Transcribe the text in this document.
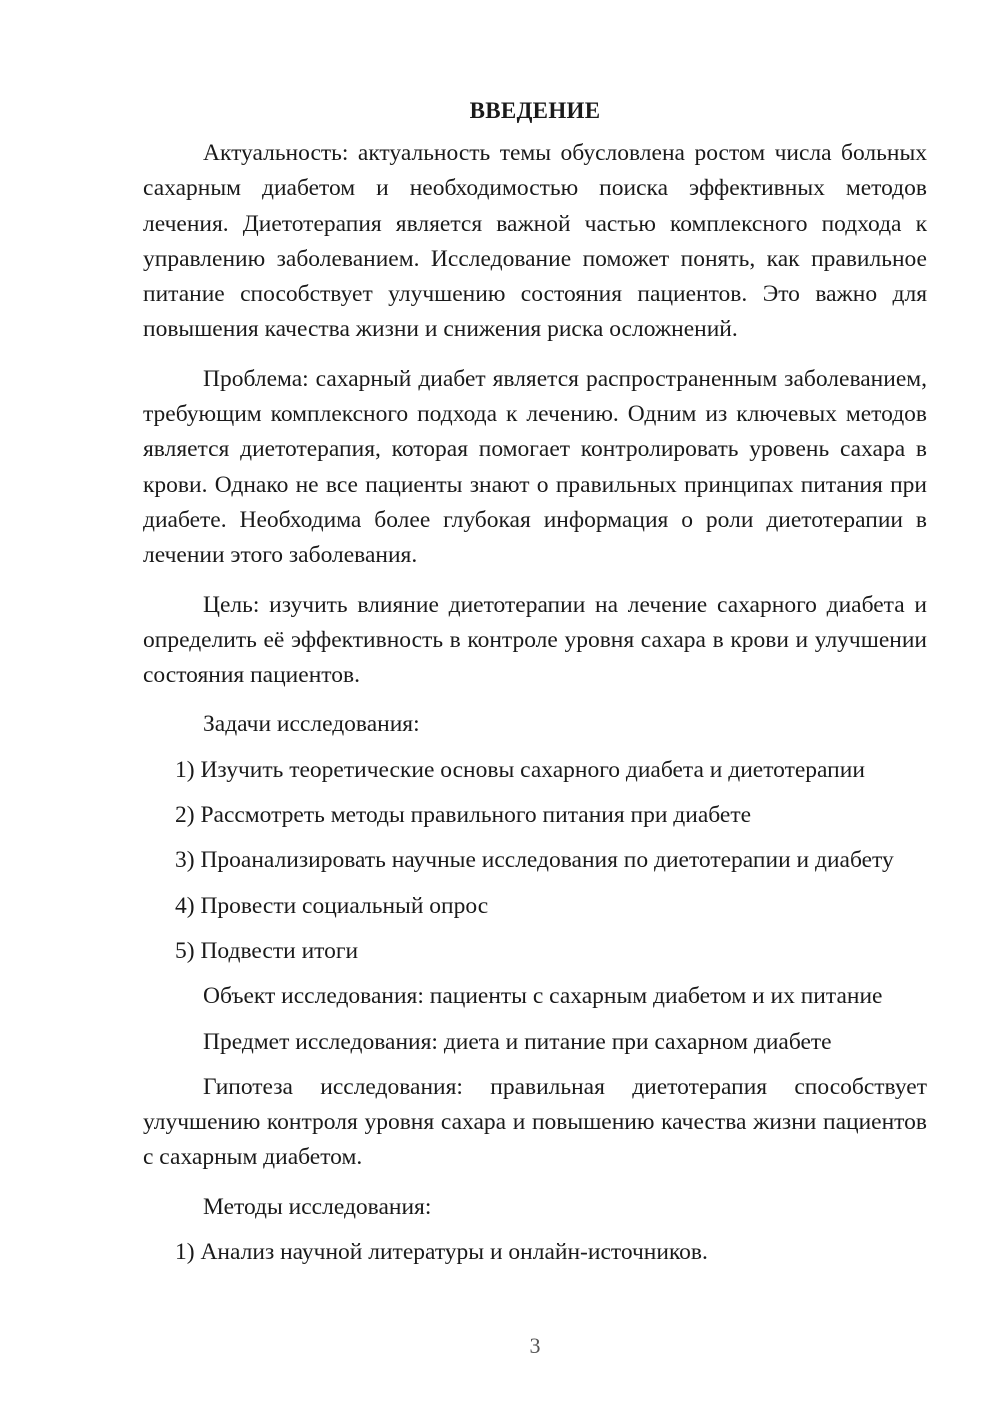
ВВЕДЕНИЕ

Актуальность: актуальность темы обусловлена ростом числа больных сахарным диабетом и необходимостью поиска эффективных методов лечения. Диетотерапия является важной частью комплексного подхода к управлению заболеванием. Исследование поможет понять, как правильное питание способствует улучшению состояния пациентов. Это важно для повышения качества жизни и снижения риска осложнений.

Проблема: сахарный диабет является распространенным заболеванием, требующим комплексного подхода к лечению. Одним из ключевых методов является диетотерапия, которая помогает контролировать уровень сахара в крови. Однако не все пациенты знают о правильных принципах питания при диабете. Необходима более глубокая информация о роли диетотерапии в лечении этого заболевания.

Цель: изучить влияние диетотерапии на лечение сахарного диабета и определить её эффективность в контроле уровня сахара в крови и улучшении состояния пациентов.

Задачи исследования:

1) Изучить теоретические основы сахарного диабета и диетотерапии

2) Рассмотреть методы правильного питания при диабете

3) Проанализировать научные исследования по диетотерапии и диабету

4) Провести социальный опрос

5) Подвести итоги

Объект исследования: пациенты с сахарным диабетом и их питание

Предмет исследования: диета и питание при сахарном диабете

Гипотеза исследования: правильная диетотерапия способствует улучшению контроля уровня сахара и повышению качества жизни пациентов с сахарным диабетом.

Методы исследования:

1) Анализ научной литературы и онлайн-источников.

3
